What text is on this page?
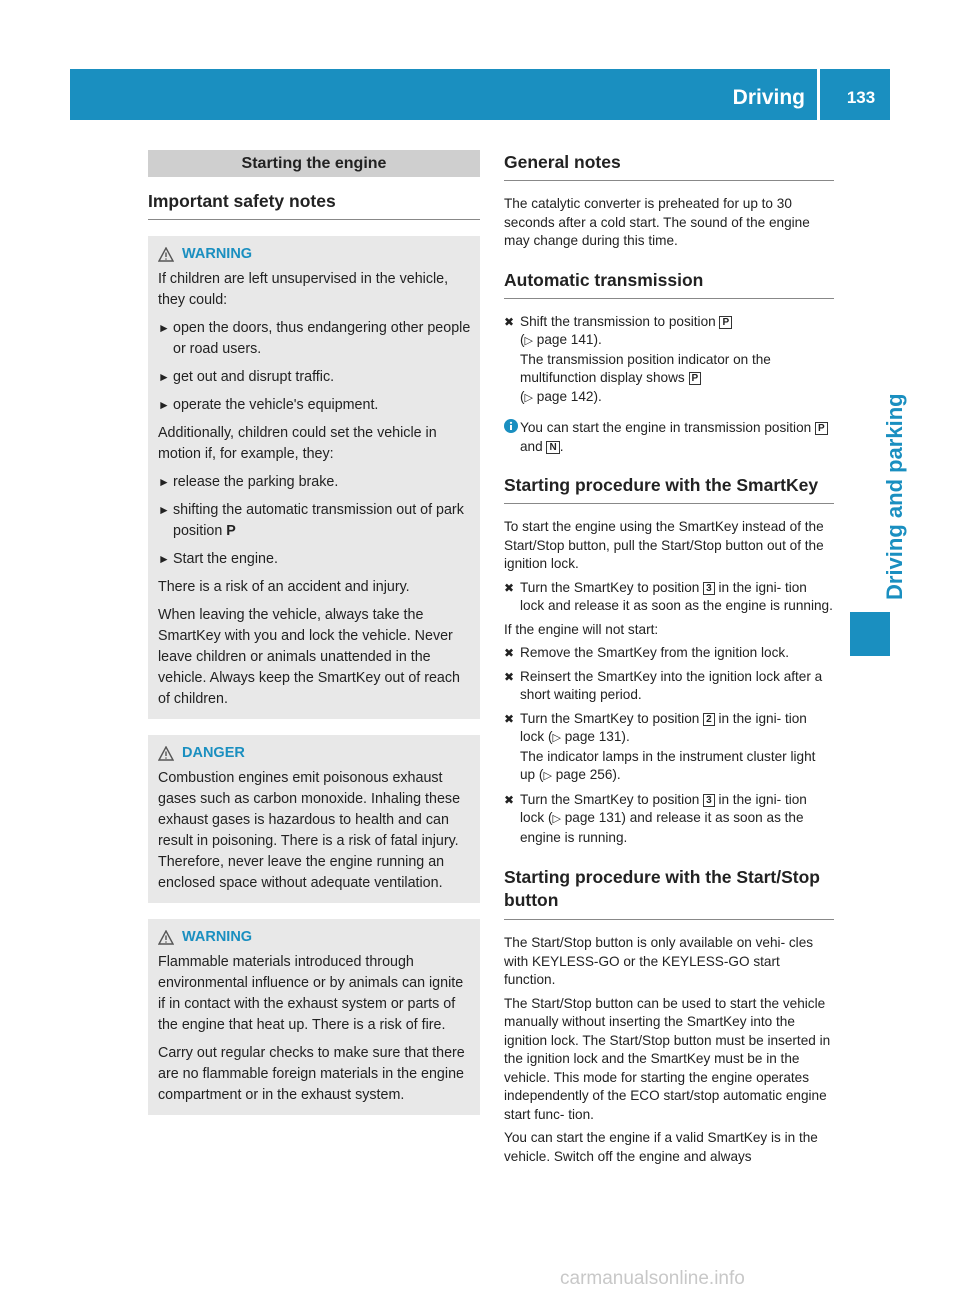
Driving	133
Driving and parking
Starting the engine
Important safety notes
WARNING

If children are left unsupervised in the vehicle, they could:

► open the doors, thus endangering other people or road users.
► get out and disrupt traffic.
► operate the vehicle's equipment.

Additionally, children could set the vehicle in motion if, for example, they:

► release the parking brake.
► shifting the automatic transmission out of park position P
► Start the engine.

There is a risk of an accident and injury.

When leaving the vehicle, always take the SmartKey with you and lock the vehicle. Never leave children or animals unattended in the vehicle. Always keep the SmartKey out of reach of children.

DANGER

Combustion engines emit poisonous exhaust gases such as carbon monoxide. Inhaling these exhaust gases is hazardous to health and can result in poisoning. There is a risk of fatal injury. Therefore, never leave the engine running an enclosed space without adequate ventilation.

WARNING

Flammable materials introduced through environmental influence or by animals can ignite if in contact with the exhaust system or parts of the engine that heat up. There is a risk of fire.

Carry out regular checks to make sure that there are no flammable foreign materials in the engine compartment or in the exhaust system.

General notes
The catalytic converter is preheated for up to 30 seconds after a cold start. The sound of the engine may change during this time.
Automatic transmission
✖ Shift the transmission to position P
(▷ page 141).
The transmission position indicator on the multifunction display shows P
(▷ page 142).
You can start the engine in transmission position P and N .
Starting procedure with the SmartKey
To start the engine using the SmartKey instead of the Start/Stop button, pull the Start/Stop button out of the ignition lock.
✖ Turn the SmartKey to position 3 in the igni- tion lock and release it as soon as the engine is running.
If the engine will not start:
✖ Remove the SmartKey from the ignition lock.
✖ Reinsert the SmartKey into the ignition lock after a short waiting period.
✖ Turn the SmartKey to position 2 in the igni- tion lock (▷ page 131).
The indicator lamps in the instrument cluster light up (▷ page 256).
✖ Turn the SmartKey to position 3 in the igni- tion lock (▷ page 131) and release it as soon as the engine is running.
Starting procedure with the Start/Stop button
The Start/Stop button is only available on vehi- cles with KEYLESS-GO or the KEYLESS-GO start function.
The Start/Stop button can be used to start the vehicle manually without inserting the SmartKey into the ignition lock. The Start/Stop button must be inserted in the ignition lock and the SmartKey must be in the vehicle. This mode for starting the engine operates independently of the ECO start/stop automatic engine start func- tion.
You can start the engine if a valid SmartKey is in the vehicle. Switch off the engine and always
carmanualsonline.info
